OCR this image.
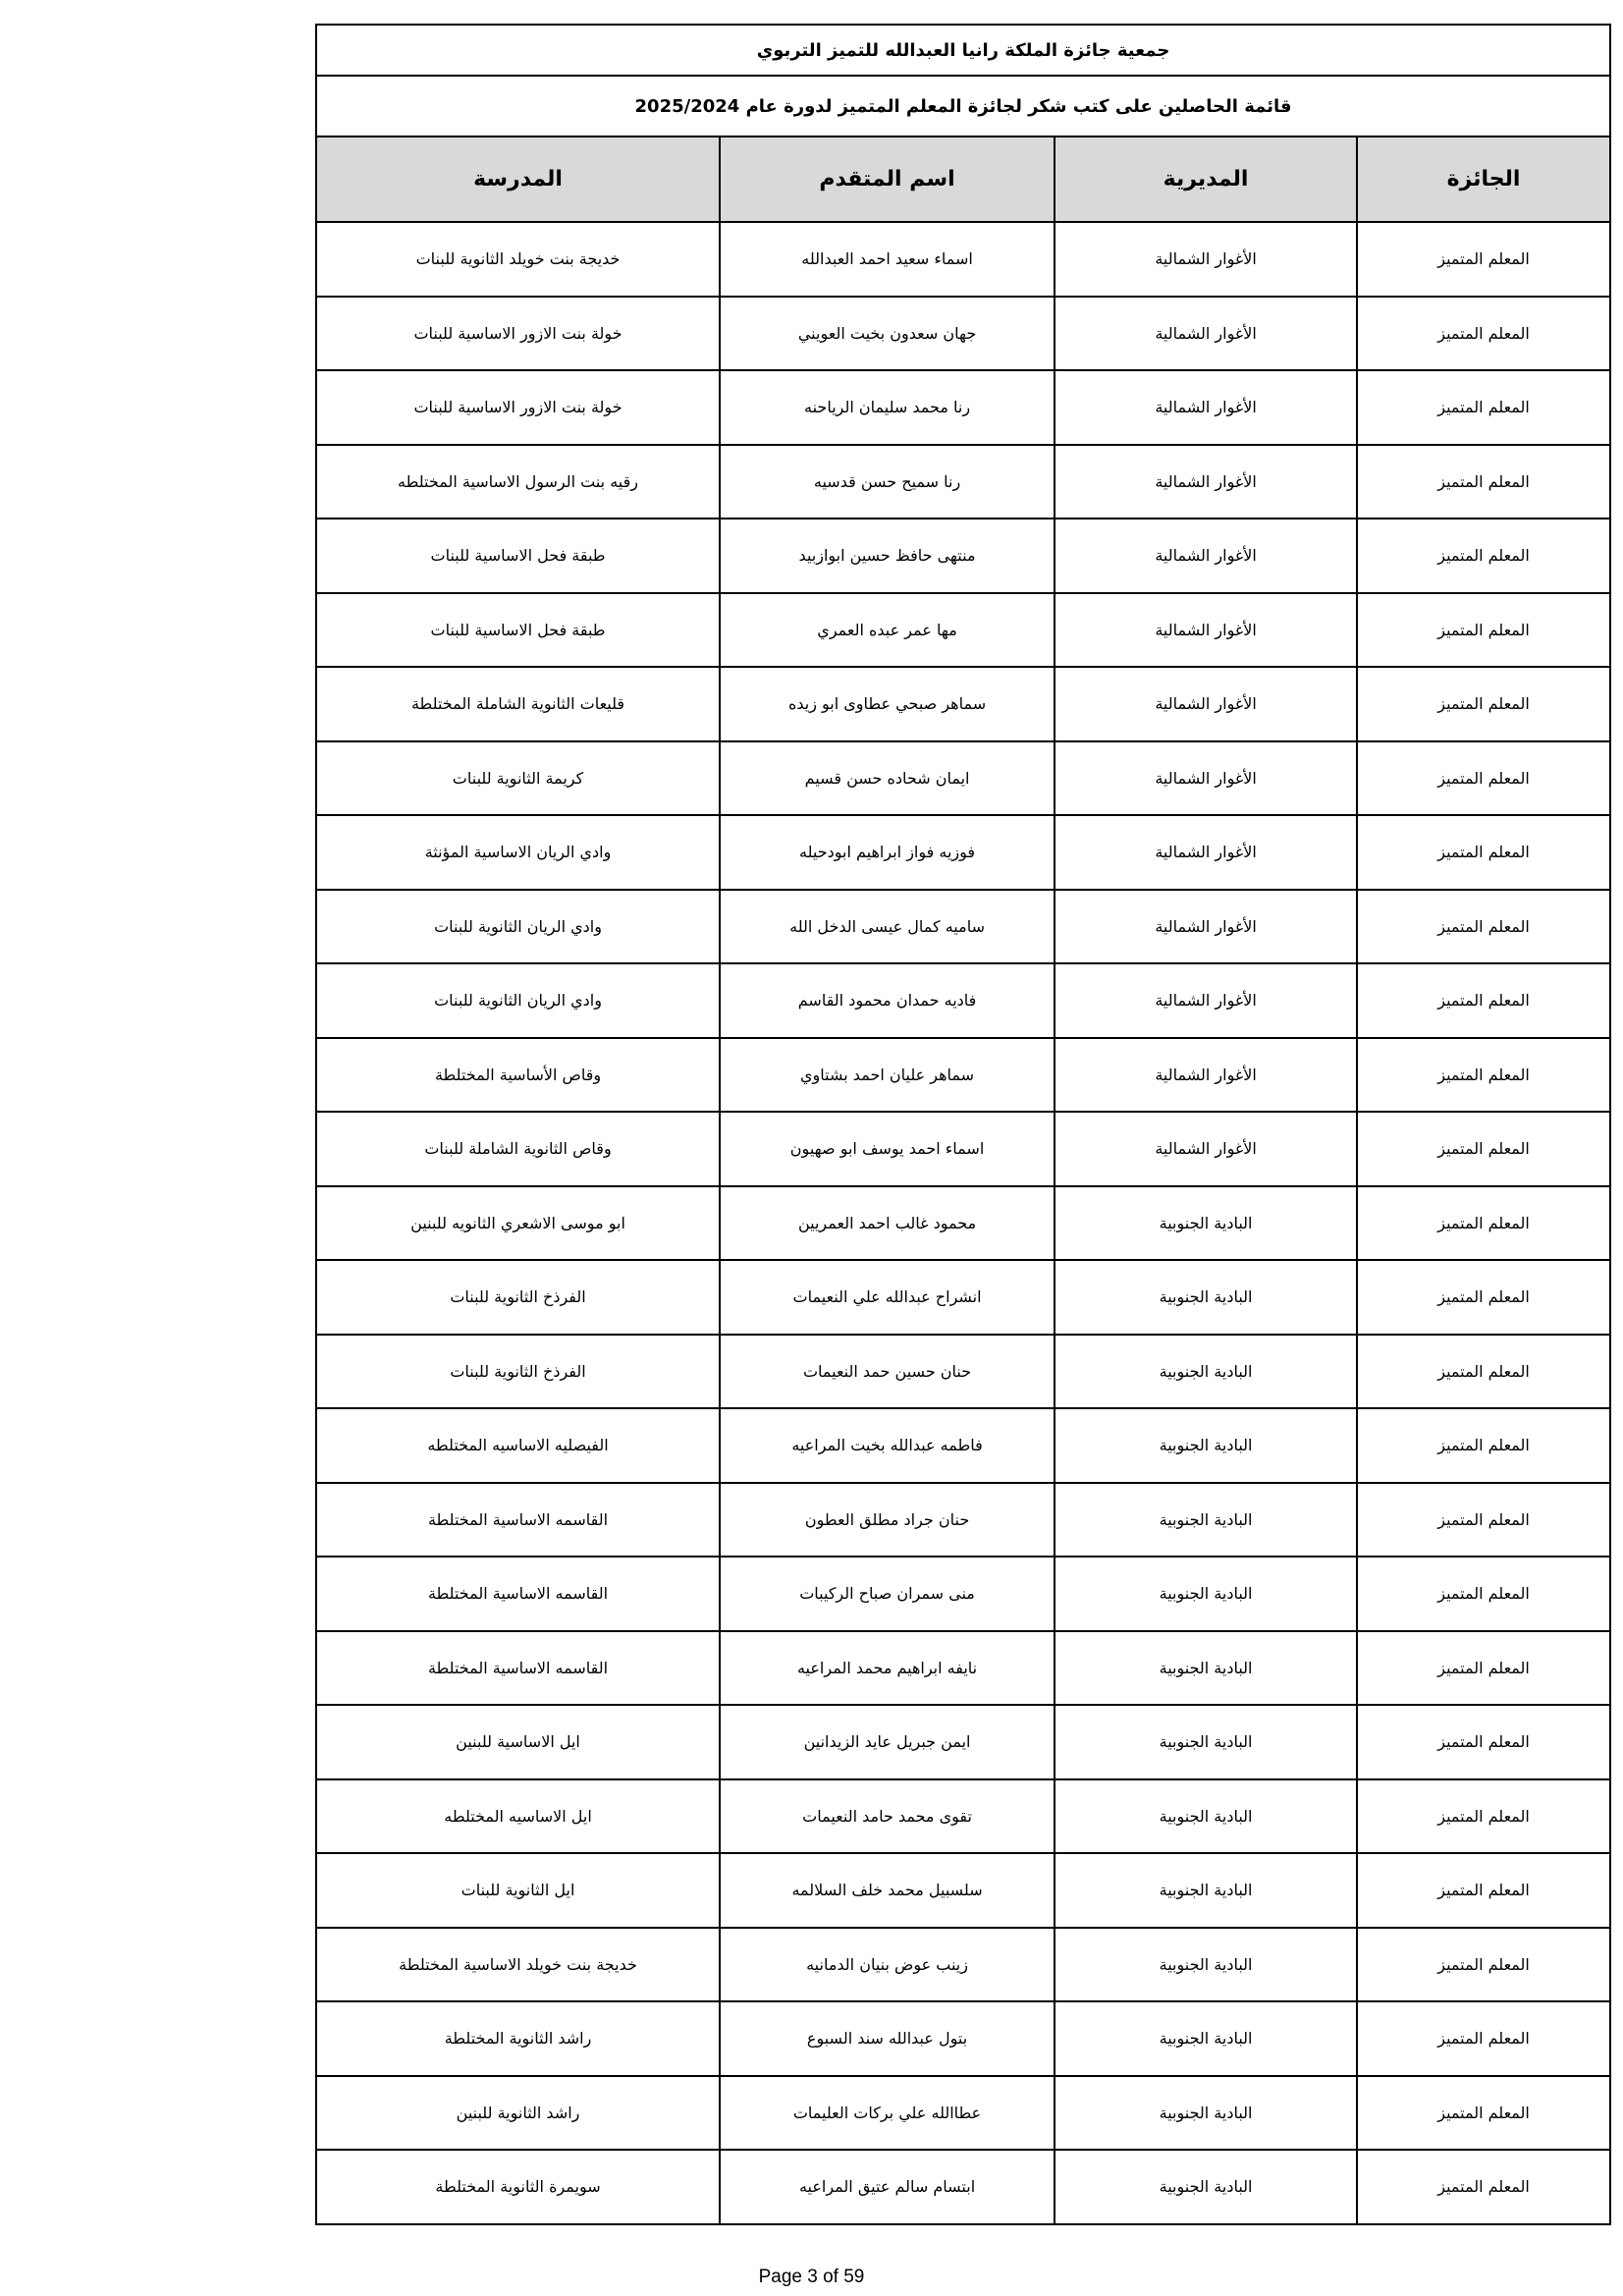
جمعية جائزة الملكة رانيا العبدالله للتميز التربوي			
قائمة الحاصلين على كتب شكر لجائزة المعلم المتميز لدورة عام 2025/2024			
الجائزة	المديرية	اسم المتقدم	المدرسة
المعلم المتميز	الأغوار الشمالية	اسماء سعيد احمد العبدالله	خديجة بنت خويلد الثانوية للبنات
المعلم المتميز	الأغوار الشمالية	جهان سعدون بخيت العويني	خولة بنت الازور الاساسية للبنات
المعلم المتميز	الأغوار الشمالية	رنا محمد سليمان الرياحنه	خولة بنت الازور الاساسية للبنات
المعلم المتميز	الأغوار الشمالية	رنا سميح حسن قدسيه	رقيه بنت الرسول الاساسية المختلطه
المعلم المتميز	الأغوار الشمالية	منتهى حافظ حسين ابوازبيد	طبقة فحل الاساسية للبنات
المعلم المتميز	الأغوار الشمالية	مها عمر عبده العمري	طبقة فحل الاساسية للبنات
المعلم المتميز	الأغوار الشمالية	سماهر صبحي عطاوى ابو زيده	قليعات الثانوية الشاملة المختلطة
المعلم المتميز	الأغوار الشمالية	ايمان شحاده حسن قسيم	كريمة الثانوية للبنات
المعلم المتميز	الأغوار الشمالية	فوزيه فواز ابراهيم ابودحيله	وادي الريان الاساسية المؤنثة
المعلم المتميز	الأغوار الشمالية	ساميه كمال عيسى الدخل الله	وادي الريان الثانوية للبنات
المعلم المتميز	الأغوار الشمالية	فاديه حمدان محمود القاسم	وادي الريان الثانوية للبنات
المعلم المتميز	الأغوار الشمالية	سماهر عليان احمد بشتاوي	وقاص الأساسية المختلطة
المعلم المتميز	الأغوار الشمالية	اسماء احمد يوسف ابو صهيون	وقاص الثانوية الشاملة للبنات
المعلم المتميز	البادية الجنوبية	محمود غالب احمد العمريين	ابو موسى الاشعري الثانويه للبنين
المعلم المتميز	البادية الجنوبية	انشراح عبدالله علي النعيمات	الفرذخ الثانوية للبنات
المعلم المتميز	البادية الجنوبية	حنان حسين حمد النعيمات	الفرذخ الثانوية للبنات
المعلم المتميز	البادية الجنوبية	فاطمه عبدالله بخيت المراعيه	الفيصليه الاساسيه المختلطه
المعلم المتميز	البادية الجنوبية	حنان جراد مطلق العطون	القاسمه الاساسية المختلطة
المعلم المتميز	البادية الجنوبية	منى سمران صباح الركيبات	القاسمه الاساسية المختلطة
المعلم المتميز	البادية الجنوبية	نايفه ابراهيم محمد المراعيه	القاسمه الاساسية المختلطة
المعلم المتميز	البادية الجنوبية	ايمن جبريل عايد الزيدانين	ايل الاساسية للبنين
المعلم المتميز	البادية الجنوبية	تقوى محمد حامد النعيمات	ايل الاساسيه المختلطه
المعلم المتميز	البادية الجنوبية	سلسبيل محمد خلف السلالمه	ايل الثانوية للبنات
المعلم المتميز	البادية الجنوبية	زينب عوض بنيان الدمانيه	خديجة بنت خويلد الاساسية المختلطة
المعلم المتميز	البادية الجنوبية	بتول عبدالله سند السبوع	راشد الثانوية المختلطة
المعلم المتميز	البادية الجنوبية	عطاالله علي بركات العليمات	راشد الثانوية للبنين
المعلم المتميز	البادية الجنوبية	ابتسام سالم عتيق المراعيه	سويمرة الثانوية المختلطة
Page 3 of 59
